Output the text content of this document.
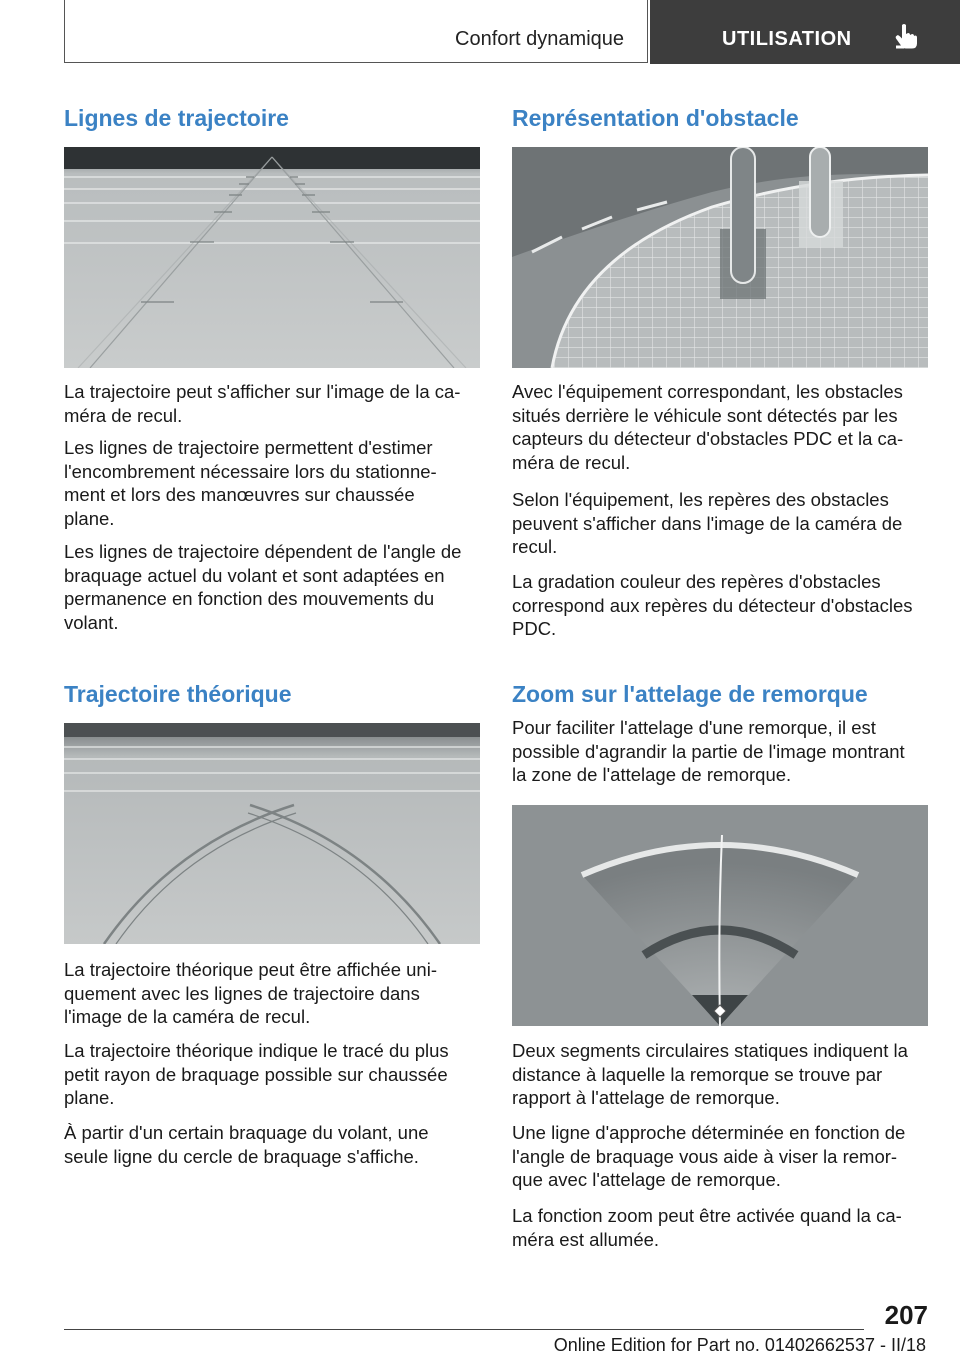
Confort dynamique	UTILISATION
Lignes de trajectoire

La trajectoire peut s'afficher sur l'image de la ca-
méra de recul.

Les lignes de trajectoire permettent d'estimer
l'encombrement nécessaire lors du stationne-
ment et lors des manœuvres sur chaussée
plane.

Les lignes de trajectoire dépendent de l'angle de
braquage actuel du volant et sont adaptées en
permanence en fonction des mouvements du
volant.

Trajectoire théorique

La trajectoire théorique peut être affichée uni-
quement avec les lignes de trajectoire dans
l'image de la caméra de recul.

La trajectoire théorique indique le tracé du plus
petit rayon de braquage possible sur chaussée
plane.

À partir d'un certain braquage du volant, une
seule ligne du cercle de braquage s'affiche.

Représentation d'obstacle

Avec l'équipement correspondant, les obstacles
situés derrière le véhicule sont détectés par les
capteurs du détecteur d'obstacles PDC et la ca-
méra de recul.

Selon l'équipement, les repères des obstacles
peuvent s'afficher dans l'image de la caméra de
recul.

La gradation couleur des repères d'obstacles
correspond aux repères du détecteur d'obstacles
PDC.

Zoom sur l'attelage de remorque

Pour faciliter l'attelage d'une remorque, il est
possible d'agrandir la partie de l'image montrant
la zone de l'attelage de remorque.

Deux segments circulaires statiques indiquent la
distance à laquelle la remorque se trouve par
rapport à l'attelage de remorque.

Une ligne d'approche déterminée en fonction de
l'angle de braquage vous aide à viser la remor-
que avec l'attelage de remorque.

La fonction zoom peut être activée quand la ca-
méra est allumée.

207
Online Edition for Part no. 01402662537 - II/18
